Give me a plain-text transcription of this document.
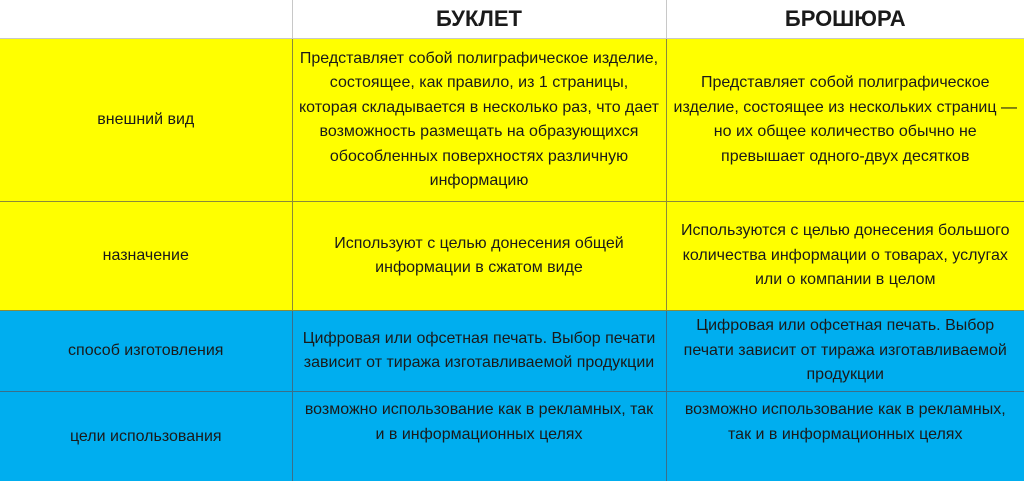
	БУКЛЕТ	БРОШЮРА
внешний вид	Представляет собой полиграфическое изделие, состоящее, как правило, из 1 страницы, которая складывается в несколько раз, что дает возможность размещать на образующихся обособленных поверхностях различную информацию	Представляет собой полиграфическое изделие, состоящее из нескольких страниц — но их общее количество обычно не превышает одного-двух десятков
назначение	Используют с целью донесения общей информации в сжатом виде	Используются с целью донесения большого количества информации о товарах, услугах или о компании в целом
способ изготовления	Цифровая или офсетная печать. Выбор печати зависит от тиража изготавливаемой продукции	Цифровая или офсетная печать. Выбор печати зависит от тиража изготавливаемой продукции
цели использования	возможно использование как в рекламных, так и в информационных целях	возможно использование как в рекламных, так и в информационных целях
